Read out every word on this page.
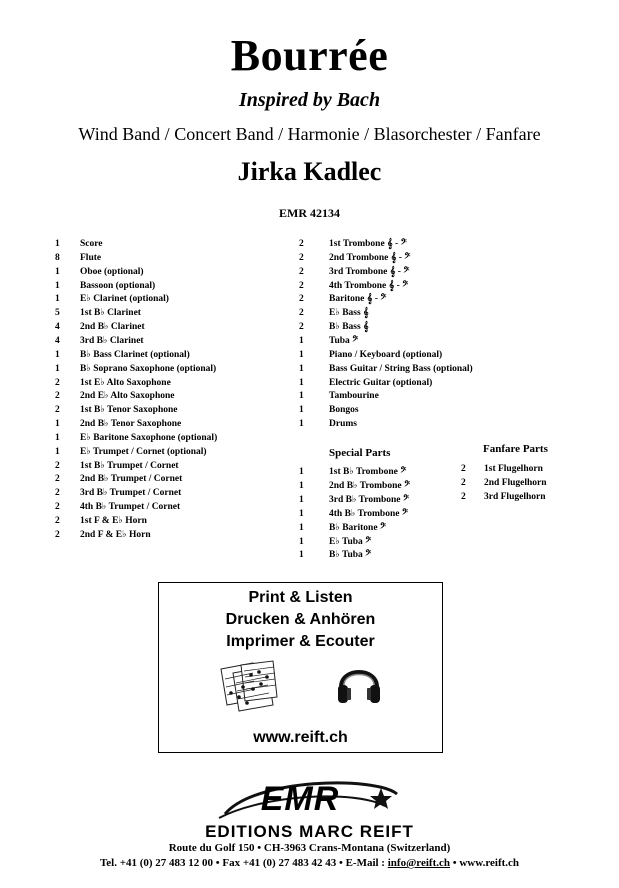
Bourrée
Inspired by Bach
Wind Band / Concert Band / Harmonie / Blasorchester / Fanfare
Jirka Kadlec
EMR 42134
1	Score
8	Flute
1	Oboe (optional)
1	Bassoon (optional)
1	E♭ Clarinet (optional)
5	1st B♭ Clarinet
4	2nd B♭ Clarinet
4	3rd B♭ Clarinet
1	B♭ Bass Clarinet (optional)
1	B♭ Soprano Saxophone (optional)
2	1st E♭ Alto Saxophone
2	2nd E♭ Alto Saxophone
2	1st B♭ Tenor Saxophone
1	2nd B♭ Tenor Saxophone
1	E♭ Baritone Saxophone (optional)
1	E♭ Trumpet / Cornet (optional)
2	1st B♭ Trumpet / Cornet
2	2nd B♭ Trumpet / Cornet
2	3rd B♭ Trumpet / Cornet
2	4th B♭ Trumpet / Cornet
2	1st F & E♭ Horn
2	2nd F & E♭ Horn
2	1st Trombone 𝄞 - 𝄢
2	2nd Trombone 𝄞 - 𝄢
2	3rd Trombone 𝄞 - 𝄢
2	4th Trombone 𝄞 - 𝄢
2	Baritone 𝄞 - 𝄢
2	E♭ Bass 𝄞
2	B♭ Bass 𝄞
1	Tuba 𝄢
1	Piano / Keyboard (optional)
1	Bass Guitar / String Bass (optional)
1	Electric Guitar (optional)
1	Tambourine
1	Bongos
1	Drums
Special Parts
1	1st B♭ Trombone 𝄢
1	2nd B♭ Trombone 𝄢
1	3rd B♭ Trombone 𝄢
1	4th B♭ Trombone 𝄢
1	B♭ Baritone 𝄢
1	E♭ Tuba 𝄢
1	B♭ Tuba 𝄢
Fanfare Parts
2	1st Flugelhorn
2	2nd Flugelhorn
2	3rd Flugelhorn
Print & Listen
Drucken & Anhören
Imprimer & Ecouter
www.reift.ch
EMR
EDITIONS MARC REIFT
Route du Golf 150 • CH-3963 Crans-Montana (Switzerland)
Tel. +41 (0) 27 483 12 00 • Fax +41 (0) 27 483 42 43 • E-Mail : info@reift.ch • www.reift.ch
